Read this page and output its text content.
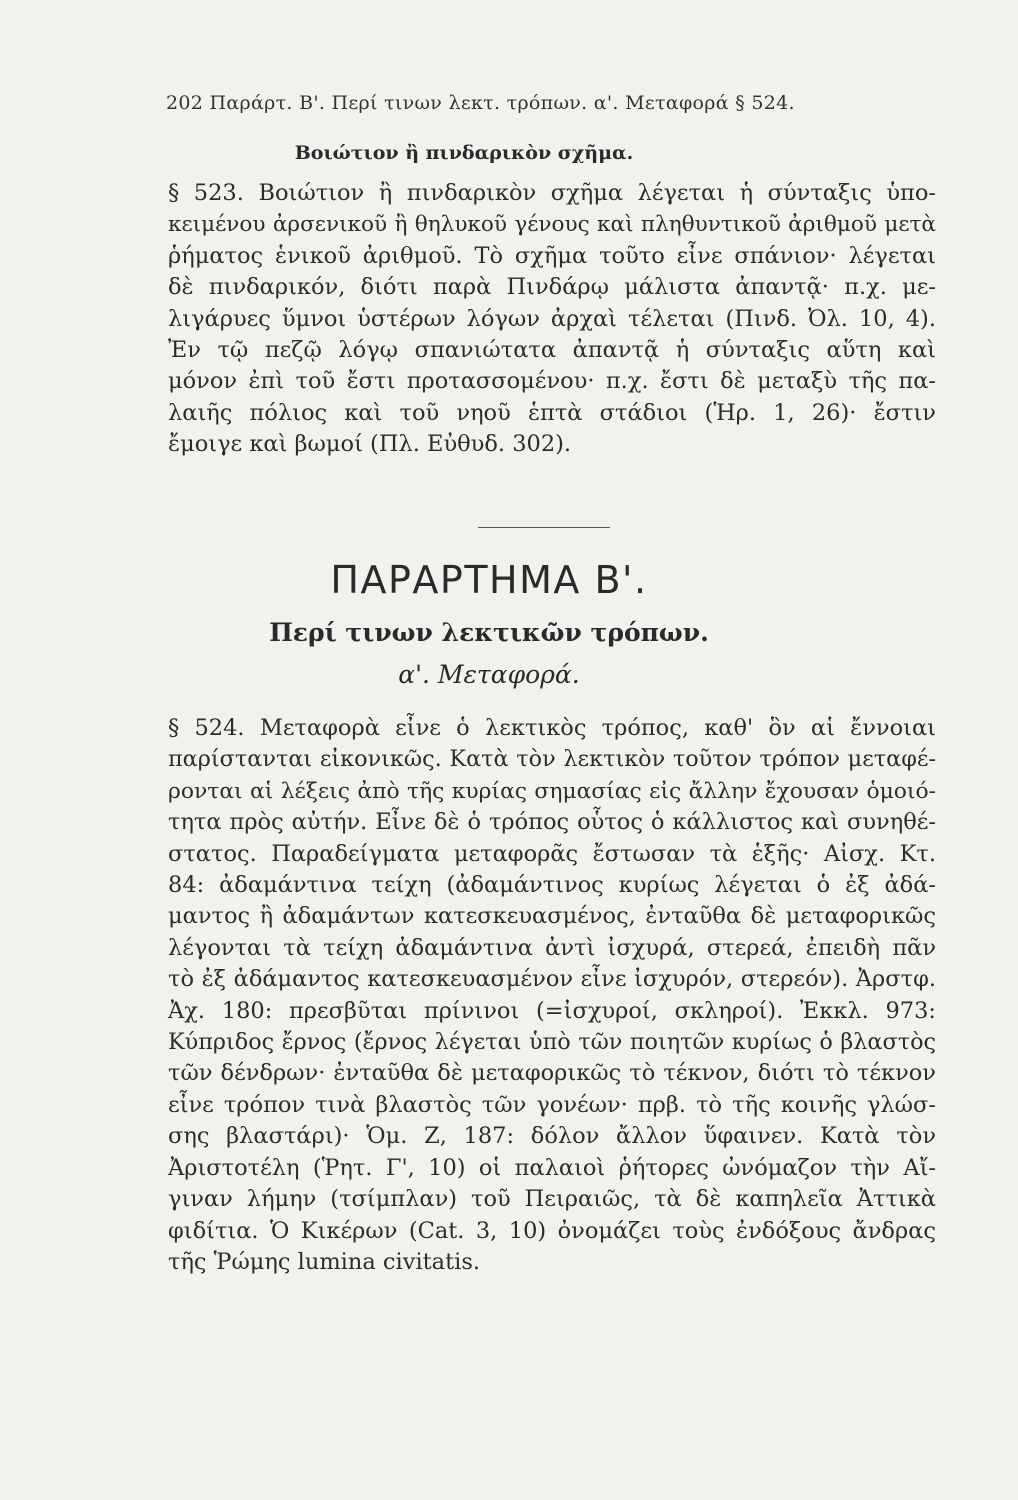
202 Παράρτ. Β'. Περί τινων λεκτ. τρόπων. α'. Μεταφορά § 524.
Βοιώτιον ἢ πινδαρικὸν σχῆμα.
§ 523. Βοιώτιον ἢ πινδαρικὸν σχῆμα λέγεται ἡ σύνταξις ὑπο-
κειμένου ἀρσενικοῦ ἢ θηλυκοῦ γένους καὶ πληθυντικοῦ ἀριθμοῦ μετὰ
ῥήματος ἑνικοῦ ἀριθμοῦ. Τὸ σχῆμα τοῦτο εἶνε σπάνιον· λέγεται
δὲ πινδαρικόν, διότι παρὰ Πινδάρῳ μάλιστα ἀπαντᾷ· π.χ. με-
λιγάρυες ὕμνοι ὑστέρων λόγων ἀρχαὶ τέλεται (Πινδ. Ὀλ. 10, 4).
Ἐν τῷ πεζῷ λόγῳ σπανιώτατα ἀπαντᾷ ἡ σύνταξις αὕτη καὶ
μόνον ἐπὶ τοῦ ἔστι προτασσομένου· π.χ. ἔστι δὲ μεταξὺ τῆς πα-
λαιῆς πόλιος καὶ τοῦ νηοῦ ἑπτὰ στάδιοι (Ἡρ. 1, 26)· ἔστιν
ἔμοιγε καὶ βωμοί (Πλ. Εὐθυδ. 302).
ΠΑΡΑΡΤΗΜΑ Β'.
Περί τινων λεκτικῶν τρόπων.
α'. Μεταφορά.
§ 524. Μεταφορὰ εἶνε ὁ λεκτικὸς τρόπος, καθ' ὃν αἱ ἔννοιαι
παρίστανται εἰκονικῶς. Κατὰ τὸν λεκτικὸν τοῦτον τρόπον μεταφέ-
ρονται αἱ λέξεις ἀπὸ τῆς κυρίας σημασίας εἰς ἄλλην ἔχουσαν ὁμοιό-
τητα πρὸς αὐτήν. Εἶνε δὲ ὁ τρόπος οὗτος ὁ κάλλιστος καὶ συνηθέ-
στατος. Παραδείγματα μεταφορᾶς ἔστωσαν τὰ ἑξῆς· Αἰσχ. Κτ.
84: ἀδαμάντινα τείχη (ἀδαμάντινος κυρίως λέγεται ὁ ἐξ ἀδά-
μαντος ἢ ἀδαμάντων κατεσκευασμένος, ἐνταῦθα δὲ μεταφορικῶς
λέγονται τὰ τείχη ἀδαμάντινα ἀντὶ ἰσχυρά, στερεά, ἐπειδὴ πᾶν
τὸ ἐξ ἀδάμαντος κατεσκευασμένον εἶνε ἰσχυρόν, στερεόν). Ἀρστφ.
Ἀχ. 180: πρεσβῦται πρίνινοι (=ἰσχυροί, σκληροί). Ἐκκλ. 973:
Κύπριδος ἔρνος (ἔρνος λέγεται ὑπὸ τῶν ποιητῶν κυρίως ὁ βλαστὸς
τῶν δένδρων· ἐνταῦθα δὲ μεταφορικῶς τὸ τέκνον, διότι τὸ τέκνον
εἶνε τρόπον τινὰ βλαστὸς τῶν γονέων· πρβ. τὸ τῆς κοινῆς γλώσ-
σης βλαστάρι)· Ὁμ. Ζ, 187: δόλον ἄλλον ὕφαινεν. Κατὰ τὸν
Ἀριστοτέλη (Ῥητ. Γ', 10) οἱ παλαιοὶ ῥήτορες ὠνόμαζον τὴν Αἴ-
γιναν λήμην (τσίμπλαν) τοῦ Πειραιῶς, τὰ δὲ καπηλεῖα Ἀττικὰ
φιδίτια. Ὁ Κικέρων (Cat. 3, 10) ὀνομάζει τοὺς ἐνδόξους ἄνδρας
τῆς Ῥώμης lumina civitatis.
